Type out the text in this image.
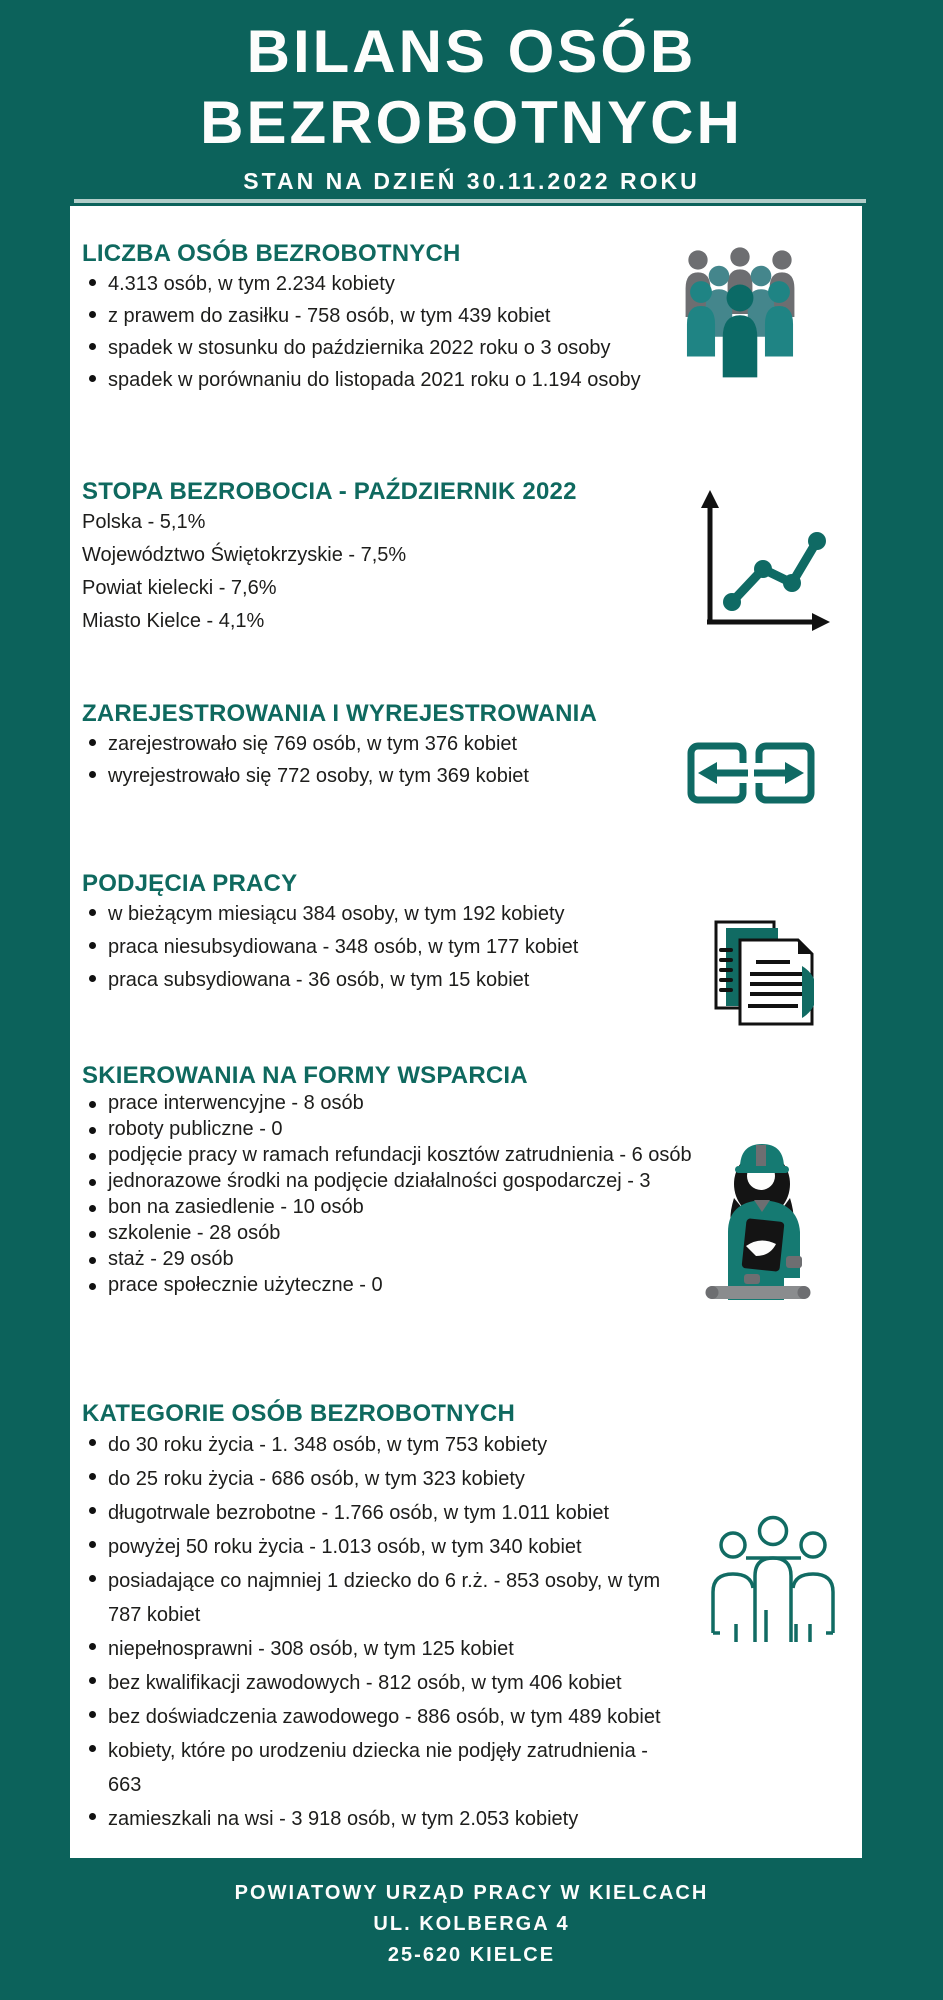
BILANS OSÓB
BEZROBOTNYCH
STAN NA DZIEŃ 30.11.2022 ROKU
LICZBA OSÓB BEZROBOTNYCH
4.313 osób, w tym 2.234 kobiety
z prawem do zasiłku - 758 osób, w tym 439 kobiet
spadek w stosunku do października 2022 roku o 3 osoby
spadek w porównaniu do listopada 2021 roku o 1.194 osoby
STOPA BEZROBOCIA - PAŹDZIERNIK 2022
Polska - 5,1%
Województwo Świętokrzyskie - 7,5%
Powiat kielecki - 7,6%
Miasto Kielce - 4,1%
ZAREJESTROWANIA I WYREJESTROWANIA
zarejestrowało się 769 osób, w tym 376 kobiet
wyrejestrowało się 772 osoby, w tym 369 kobiet
PODJĘCIA PRACY
w bieżącym miesiącu 384 osoby, w tym 192 kobiety
praca niesubsydiowana - 348 osób, w tym 177 kobiet
praca subsydiowana - 36 osób, w tym 15 kobiet
SKIEROWANIA NA FORMY WSPARCIA
prace interwencyjne - 8 osób
roboty publiczne - 0
podjęcie pracy w ramach refundacji kosztów zatrudnienia - 6 osób
jednorazowe środki na podjęcie działalności gospodarczej - 3
bon na zasiedlenie - 10 osób
szkolenie - 28 osób
staż - 29 osób
prace społecznie użyteczne - 0
KATEGORIE OSÓB BEZROBOTNYCH
do 30 roku życia - 1. 348 osób, w tym 753 kobiety
do 25 roku życia - 686 osób, w tym 323 kobiety
długotrwale bezrobotne - 1.766 osób, w tym 1.011 kobiet
powyżej 50 roku życia - 1.013 osób, w tym 340 kobiet
posiadające co najmniej 1 dziecko do 6 r.ż. - 853 osoby, w tym 787 kobiet
niepełnosprawni - 308 osób, w tym 125 kobiet
bez kwalifikacji zawodowych - 812 osób, w tym 406 kobiet
bez doświadczenia zawodowego - 886 osób, w tym 489 kobiet
kobiety, które po urodzeniu dziecka nie podjęły zatrudnienia - 663
zamieszkali na wsi - 3 918 osób, w tym 2.053 kobiety
POWIATOWY URZĄD PRACY W KIELCACH
UL. KOLBERGA 4
25-620 KIELCE
